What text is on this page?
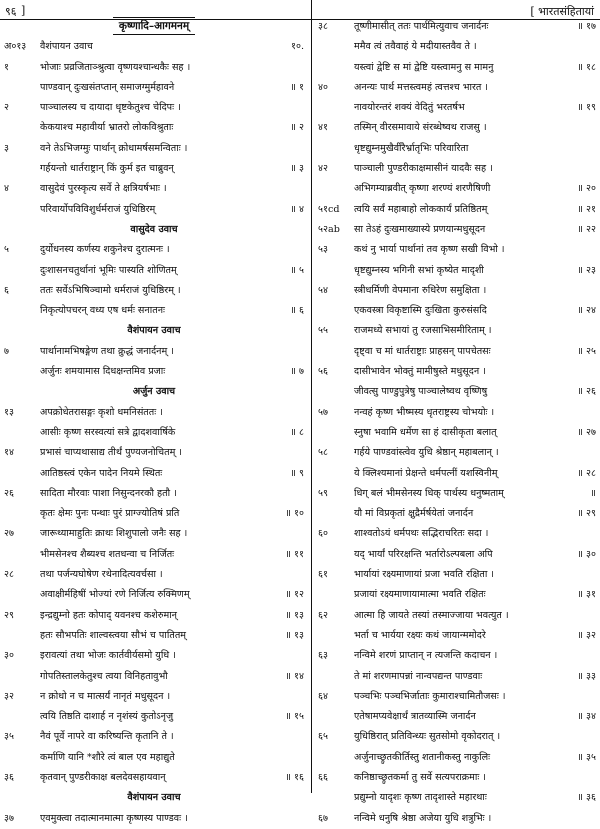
९६	[ भारतसंहितायां
]
कृष्णादि–आगमनम्
अ०१३	वैशंपायन उवाच	१०.
१	भोजाः प्रव्रजिताञ्श्रुत्वा वृष्णयश्चान्धकैः सह ।
पाण्डवान् दुःखसंतप्तान् समाजग्मुर्महावने	॥ १
२	पाञ्चालस्य च दायादा धृष्टकेतुश्च चेदिपः ।
केकयाश्च महावीर्या भ्रातरो लोकविश्रुताः	॥ २
३	वने तेऽभिजग्मुः पार्थान् क्रोधामर्षसमन्विताः ।
गर्हयन्तो धार्तराष्ट्रान् किं कुर्म इत चाब्रुवन्	॥ ३
४	वासुदेवं पुरस्कृत्य सर्वे ते क्षत्रियर्षभाः ।
परिवार्योपविविशुर्धर्मराजं युधिष्ठिरम्	॥ ४
वासुदेव उवाच
५	दुर्योधनस्य कर्णस्य शकुनेश्च दुरात्मनः ।
दुःशासनचतुर्थानां भूमिः पास्यति शोणितम्	॥ ५
६	ततः सर्वेऽभिषिञ्चामो धर्मराजं युधिष्ठिरम् ।
निकृत्योपचरन् वध्य एष धर्मः सनातनः	॥ ६
वैशंपायन उवाच
७	पार्थानामभिषङ्गेण तथा क्रुद्धं जनार्दनम् ।
अर्जुनः शमयामास दिधक्षन्तमिव प्रजाः	॥ ७
अर्जुन उवाच
१३	अपक्रोधेतरासङ्गः कृशो धमनिसंततः ।
आसीः कृष्ण सरस्वत्यां सत्रे द्वादशवार्षिके	॥ ८
१४	प्रभासं चाप्यथासाद्य तीर्थं पुण्यजनोचितम् ।
आतिष्ठस्त्वं एकेन पादेन नियमे स्थितः	॥ ९
२६	सादिता मौरवाः पाशा निसुन्दनरकौ हतौ ।
कृतः क्षेमः पुनः पन्थाः पुरं प्राग्ज्योतिषं प्रति	॥ १०
२७	जारूथ्यामाहुतिः क्राथः शिशुपालो जनैः सह ।
भीमसेनश्च शैब्यश्च शतधन्वा च निर्जितः	॥ ११
२८	तथा पर्जन्यघोषेण रथेनादित्यवर्चसा ।
अवाक्षीर्महिषीं भोज्यां रणे निर्जित्य रुक्मिणम्	॥ १२
२९	इन्द्रद्युम्नो हतः कोपाद् यवनश्च कशेरुमान्	॥ १३
हतः सौभपतिः शाल्वस्त्वया सौभं च पातितम्	॥ १३
३०	इरावत्यां तथा भोजः कार्तवीर्यसमो युधि ।
गोपतिस्तालकेतुश्च त्वया विनिहतावुभौ	॥ १४
३२	न क्रोधो न च मात्सर्यं नानृतं मधुसूदन ।
त्वयि तिष्ठति दाशार्ह न नृशंस्यं कुतोऽनृजु	॥ १५
३५	नैवं पूर्वे नापरे वा करिष्यन्ति कृतानि ते ।
कर्माणि यानि *शौरे त्वं बाल एव महाद्युते
३६	कृतवान् पुण्डरीकाक्ष बलदेवसहायवान्	॥ १६
वैशंपायन उवाच
३७	एवमुक्त्वा तदात्मानमात्मा कृष्णस्य पाण्डवः ।
३८	तूष्णीमासीत् ततः पार्थमित्युवाच जनार्दनः	॥ १७
ममैव त्वं तवैवाहं ये मदीयास्तवैव ते ।
यस्त्वां द्वेष्टि स मां द्वेष्टि यस्त्वामनु स मामनु	॥ १८
४०	अनन्यः पार्थ मत्तस्त्वमहं त्वत्तश्च भारत ।
नावयोरन्तरं शक्यं वेदितुं भरतर्षभ	॥ १९
४१	तस्मिन् वीरसमावाये संरब्धेष्वथ राजसु ।
धृष्टद्युम्नमुखैर्वीरैर्भ्रातृभिः परिवारिता
४२	पाञ्चाली पुण्डरीकाक्षमासीनं यादवैः सह ।
अभिगम्याब्रवीत् कृष्णा शरण्यं शरणैषिणी	॥ २०
५१cd	त्वयि सर्वं महाबाहो लोककार्यं प्रतिष्ठितम्	॥ २१
५२ab	सा तेऽहं दुःखमाख्यास्ये प्रणयान्मधुसूदन	॥ २२
५३	कथं नु भार्या पार्थानां तव कृष्ण सखी विभो ।
धृष्टद्युम्नस्य भगिनी सभां कृष्येत मादृशी	॥ २३
५४	स्त्रीधर्मिणी वेपमाना रुधिरेण समुक्षिता ।
एकवस्त्रा विकृष्टास्मि दुःखिता कुरुसंसदि	॥ २४
५५	राजमध्ये सभायां तु रजसाभिसमीरिताम् ।
दृष्ट्वा च मां धार्तराष्ट्राः प्राहसन् पापचेतसः	॥ २५
५६	दासीभावेन भोक्तुं मामीषुस्ते मधुसूदन ।
जीवत्सु पाण्डुपुत्रेषु पाञ्चालेष्वथ वृष्णिषु	॥ २६
५७	नन्वहं कृष्ण भीष्मस्य धृतराष्ट्रस्य चोभयोः ।
स्नुषा भवामि धर्मेण सा हं दासीकृता बलात्	॥ २७
५८	गर्हये पाण्डवांस्त्वेव युधि श्रेष्ठान् महाबलान् ।
ये क्लिश्यमानां प्रेक्षन्ते धर्मपत्नीं यशस्विनीम्	॥ २८
५९	धिग् बलं भीमसेनस्य धिक् पार्थस्य धनुष्मताम्	॥
यौ मां विप्रकृतां क्षुद्रैर्मर्षयेतां जनार्दन	॥ २९
६०	शाश्वतोऽयं धर्मपथः सद्भिराचरितः सदा ।
यद् भार्यां परिरक्षन्ति भर्तारोऽल्पबला अपि	॥ ३०
६१	भार्यायां रक्ष्यमाणायां प्रजा भवति रक्षिता ।
प्रजायां रक्ष्यमाणायामात्मा भवति रक्षितः	॥ ३१
६२	आत्मा हि जायते तस्यां तस्माज्जाया भवत्युत ।
भर्ता च भार्यया रक्ष्यः कथं जायान्ममोदरे	॥ ३२
६३	नन्विमे शरणं प्राप्तान् न त्यजन्ति कदाचन ।
ते मां शरणमापन्नां नान्वपद्यन्त पाण्डवाः	॥ ३३
६४	पञ्चभिः पञ्चभिर्जाताः कुमाराश्चामितौजसः ।
एतेषामप्यवेक्षार्थं त्रातव्यास्मि जनार्दन	॥ ३४
६५	युधिष्ठिरात् प्रतिविन्ध्यः सुतसोमो वृकोदरात् ।
अर्जुनाच्छ्रुतकीर्तिस्तु शतानीकस्तु नाकुलिः	॥ ३५
६६	कनिष्ठाच्छ्रुतकर्मा तु सर्वे सत्यपराक्रमाः ।
प्रद्युम्नो यादृशः कृष्ण तादृशास्ते महारथाः	॥ ३६
६७	नन्विमे धनुषि श्रेष्ठा अजेया युधि शत्रुभिः ।
